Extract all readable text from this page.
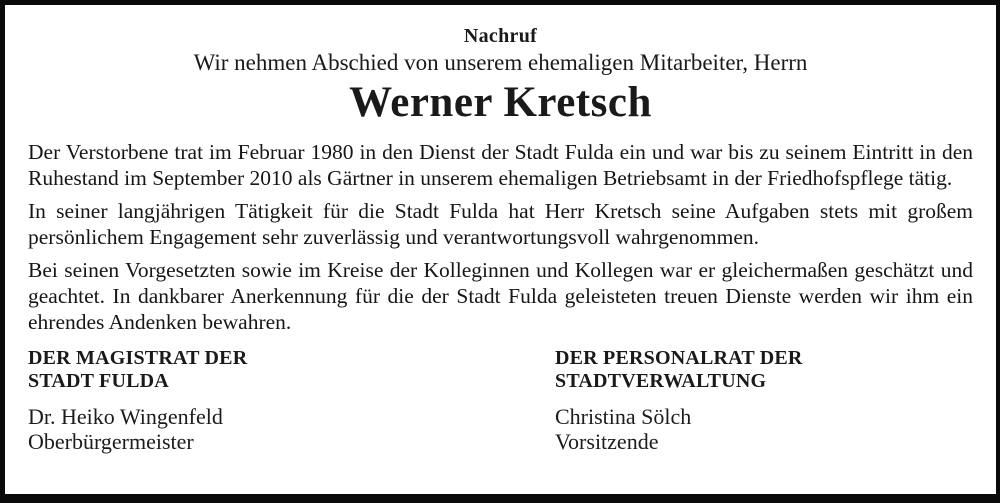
Nachruf
Wir nehmen Abschied von unserem ehemaligen Mitarbeiter, Herrn
Werner Kretsch

Der Verstorbene trat im Februar 1980 in den Dienst der Stadt Fulda ein und war bis zu seinem Eintritt in den Ruhestand im September 2010 als Gärtner in unserem ehemaligen Betriebsamt in der Friedhofspflege tätig.

In seiner langjährigen Tätigkeit für die Stadt Fulda hat Herr Kretsch seine Aufgaben stets mit großem persönlichem Engagement sehr zuverlässig und verantwortungsvoll wahrgenommen.

Bei seinen Vorgesetzten sowie im Kreise der Kolleginnen und Kollegen war er gleichermaßen geschätzt und geachtet. In dankbarer Anerkennung für die der Stadt Fulda geleisteten treuen Dienste werden wir ihm ein ehrendes Andenken bewahren.

DER MAGISTRAT DER
STADT FULDA
Dr. Heiko Wingenfeld
Oberbürgermeister
DER PERSONALRAT DER
STADTVERWALTUNG
Christina Sölch
Vorsitzende
